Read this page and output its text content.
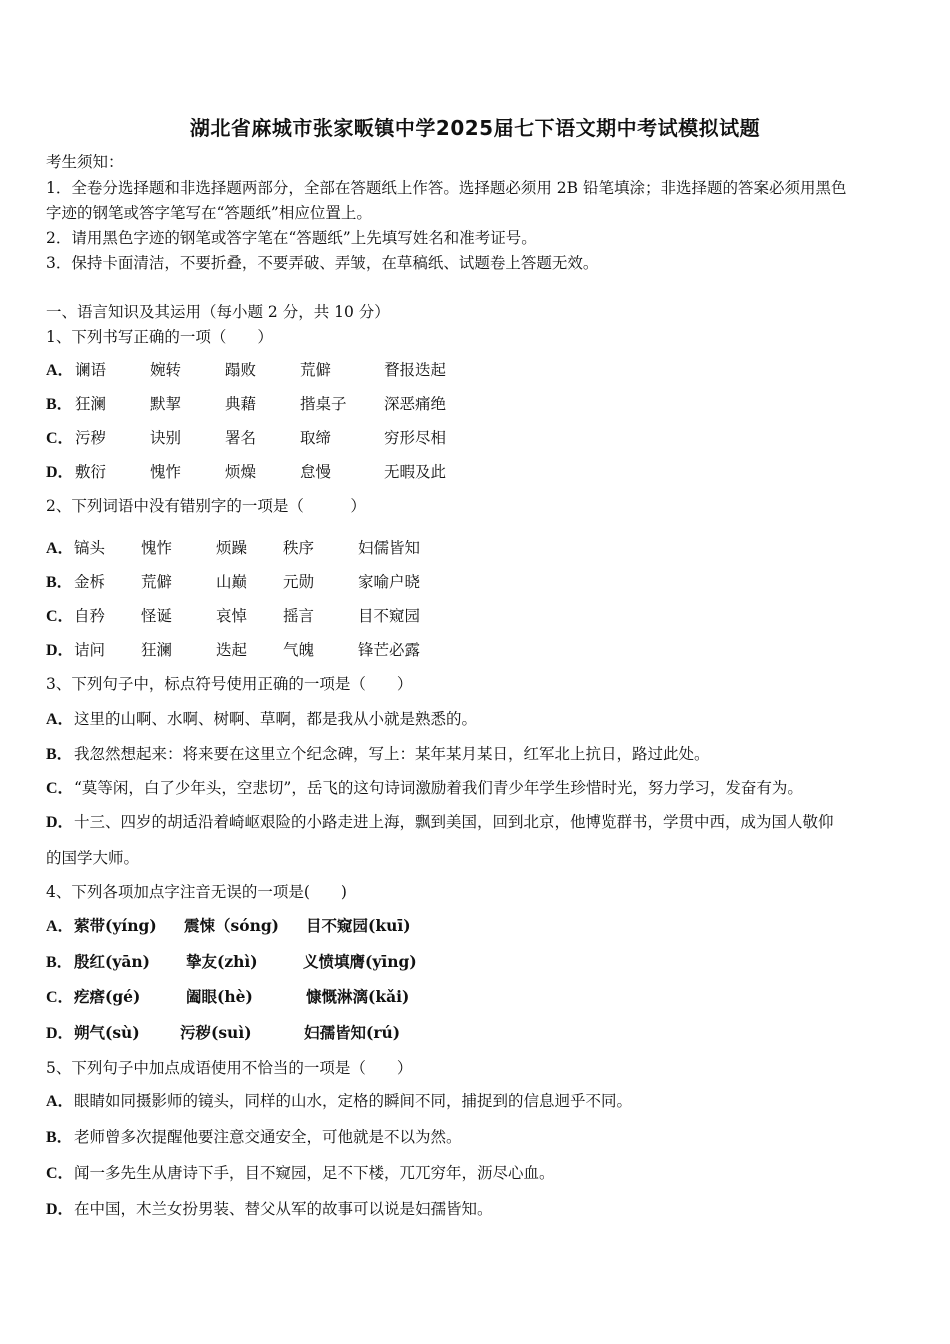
湖北省麻城市张家畈镇中学2025届七下语文期中考试模拟试题
考生须知：
1．全卷分选择题和非选择题两部分，全部在答题纸上作答。选择题必须用 2B 铅笔填涂；非选择题的答案必须用黑色
字迹的钢笔或答字笔写在“答题纸”相应位置上。
2．请用黑色字迹的钢笔或答字笔在“答题纸”上先填写姓名和准考证号。
3．保持卡面清洁，不要折叠，不要弄破、弄皱，在草稿纸、试题卷上答题无效。
一、语言知识及其运用（每小题 2 分，共 10 分）
1、下列书写正确的一项（　　）
A． 谰语	婉转	蹋败	荒僻	瞀报迭起
B． 狂澜	默挈	典藉	揩桌子 深恶痛绝
C． 污秽	诀别	署名	取缔	穷形尽相
D． 敷衍	愧怍	烦燥	怠慢	无暇及此
2、下列词语中没有错别字的一项是（　　　）
A． 镐头 愧怍	烦躁 秩序	妇儒皆知
B． 金柝 荒僻	山巅 元勋	家喻户晓
C． 自矜 怪诞	哀悼 摇言	目不窥园
D． 诘问 狂澜	迭起 气魄	锋芒必露
3、下列句子中，标点符号使用正确的一项是（　　）
A．这里的山啊、水啊、树啊、草啊，都是我从小就是熟悉的。
B．我忽然想起来：将来要在这里立个纪念碑，写上：某年某月某日，红军北上抗日，路过此处。
C．“莫等闲，白了少年头，空悲切”，岳飞的这句诗词激励着我们青少年学生珍惜时光，努力学习，发奋有为。
D．十三、四岁的胡适沿着崎岖艰险的小路走进上海，飘到美国，回到北京，他博览群书，学贯中西，成为国人敬仰
的国学大师。
4、下列各项加点字注音无误的一项是(　　)
A． 萦带(yíng) 震悚（sóng) 目不窥园(kuī)
B． 殷红(yān) 挚友(zhì)	义愤填膺(yīng)
C． 疙瘩(gé)	阖眼(hè)	慷慨淋漓(kǎi)
D． 朔气(sù)	污秽(suì)	妇孺皆知(rú)
5、下列句子中加点成语使用不恰当的一项是（　　）
A．眼睛如同摄影师的镜头，同样的山水，定格的瞬间不同，捕捉到的信息迥乎不同。
B．老师曾多次提醒他要注意交通安全，可他就是不以为然。
C．闻一多先生从唐诗下手，目不窥园，足不下楼，兀兀穷年，沥尽心血。
D．在中国，木兰女扮男装、替父从军的故事可以说是妇孺皆知。
